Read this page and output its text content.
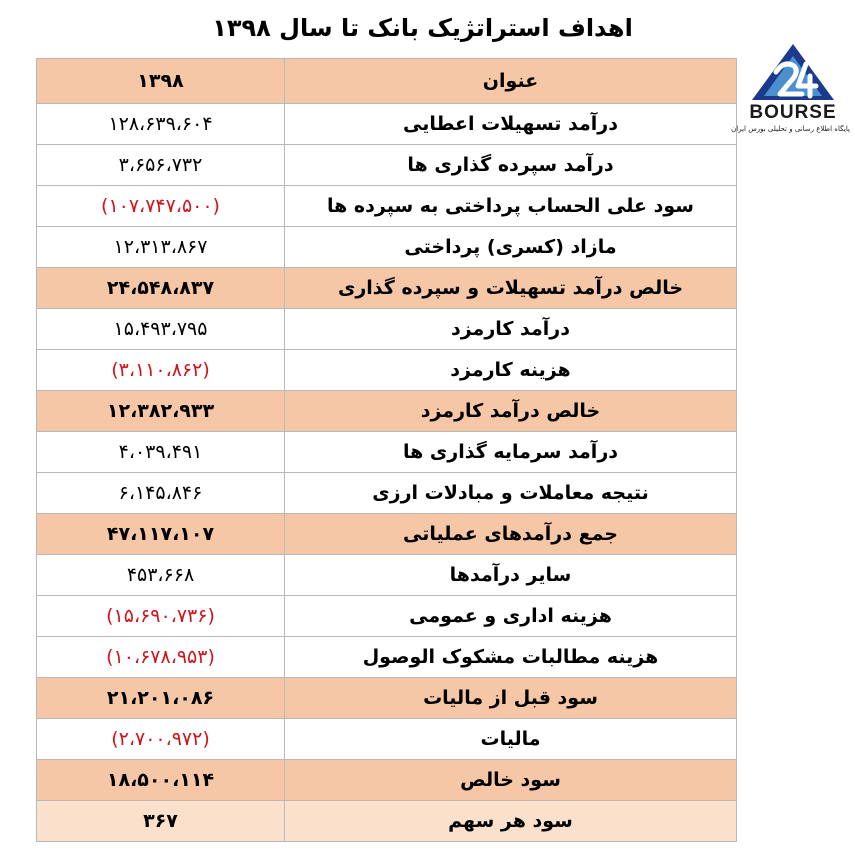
اهداف استراتژیک بانک تا سال ۱۳۹۸
عنوان	۱۳۹۸
درآمد تسهیلات اعطایی	۱۲۸،۶۳۹،۶۰۴
درآمد سپرده گذاری ها	۳،۶۵۶،۷۳۲
سود علی الحساب پرداختی به سپرده ها	(۱۰۷،۷۴۷،۵۰۰)
مازاد (کسری) پرداختی	۱۲،۳۱۳،۸۶۷
خالص درآمد تسهیلات و سپرده گذاری	۲۴،۵۴۸،۸۳۷
درآمد کارمزد	۱۵،۴۹۳،۷۹۵
هزینه کارمزد	(۳،۱۱۰،۸۶۲)
خالص درآمد کارمزد	۱۲،۳۸۲،۹۳۳
درآمد سرمایه گذاری ها	۴،۰۳۹،۴۹۱
نتیجه معاملات و مبادلات ارزی	۶،۱۴۵،۸۴۶
جمع درآمدهای عملیاتی	۴۷،۱۱۷،۱۰۷
سایر درآمدها	۴۵۳،۶۶۸
هزینه اداری و عمومی	(۱۵،۶۹۰،۷۳۶)
هزینه مطالبات مشکوک الوصول	(۱۰،۶۷۸،۹۵۳)
سود قبل از مالیات	۲۱،۲۰۱،۰۸۶
مالیات	(۲،۷۰۰،۹۷۲)
سود خالص	۱۸،۵۰۰،۱۱۴
سود هر سهم	۳۶۷
BOURSE
پایگاه اطلاع رسانی و تحلیلی بورس ایران
